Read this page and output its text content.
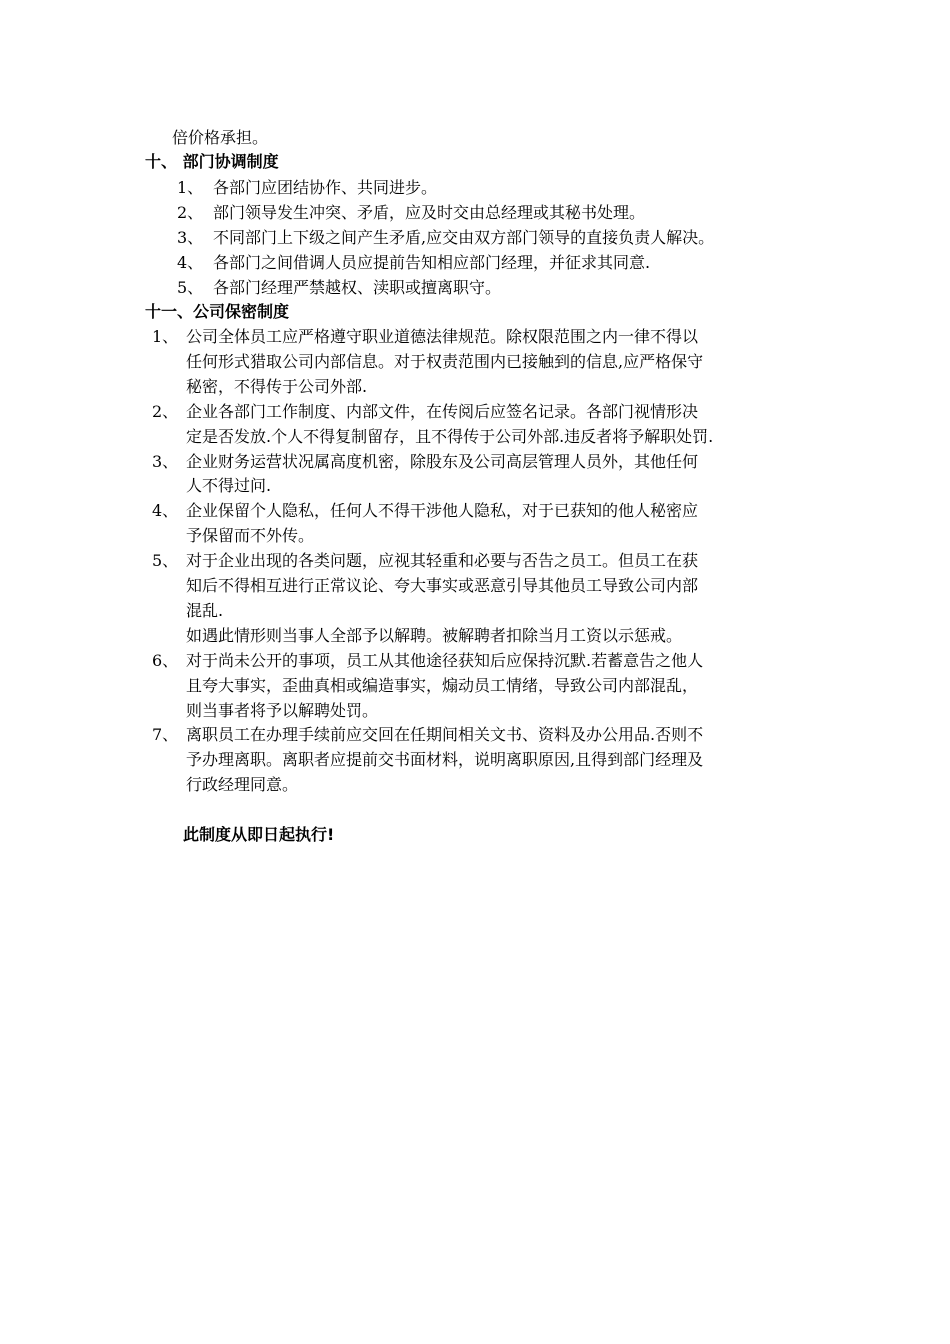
倍价格承担。

十、 部门协调制度

1、 各部门应团结协作、共同进步。

2、 部门领导发生冲突、矛盾，应及时交由总经理或其秘书处理。

3、 不同部门上下级之间产生矛盾,应交由双方部门领导的直接负责人解决。

4、 各部门之间借调人员应提前告知相应部门经理，并征求其同意.

5、 各部门经理严禁越权、渎职或擅离职守。

十一、公司保密制度

1、 公司全体员工应严格遵守职业道德法律规范。除权限范围之内一律不得以

任何形式猎取公司内部信息。对于权责范围内已接触到的信息,应严格保守

秘密，不得传于公司外部.

2、 企业各部门工作制度、内部文件，在传阅后应签名记录。各部门视情形决

定是否发放.个人不得复制留存，且不得传于公司外部.违反者将予解职处罚.

3、 企业财务运营状况属高度机密，除股东及公司高层管理人员外，其他任何

人不得过问.

4、 企业保留个人隐私，任何人不得干涉他人隐私，对于已获知的他人秘密应

予保留而不外传。

5、 对于企业出现的各类问题，应视其轻重和必要与否告之员工。但员工在获

知后不得相互进行正常议论、夸大事实或恶意引导其他员工导致公司内部

混乱.

如遇此情形则当事人全部予以解聘。被解聘者扣除当月工资以示惩戒。

6、 对于尚未公开的事项，员工从其他途径获知后应保持沉默.若蓄意告之他人

且夸大事实，歪曲真相或编造事实，煽动员工情绪，导致公司内部混乱，

则当事者将予以解聘处罚。

7、 离职员工在办理手续前应交回在任期间相关文书、资料及办公用品.否则不

予办理离职。离职者应提前交书面材料，说明离职原因,且得到部门经理及

行政经理同意。

此制度从即日起执行!
